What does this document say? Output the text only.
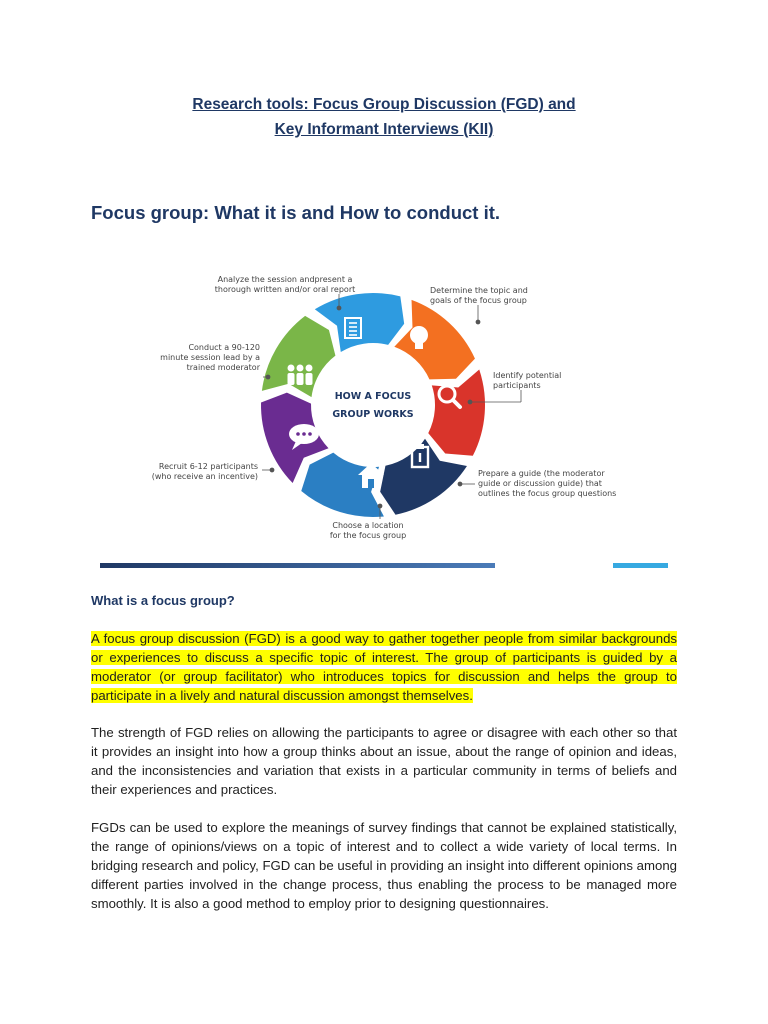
Research tools: Focus Group Discussion (FGD) and
Key Informant Interviews (KII)
Focus group: What it is and How to conduct it.
HOW A FOCUS
GROUP WORKS
Analyze the session andpresent a
thorough written and/or oral report	Determine the topic and
goals of the focus group
Identify potential
participants
Prepare a guide (the moderator
guide or discussion guide) that
outlines the focus group questions
Choose a location
for the focus group
Recruit 6-12 participants
(who receive an incentive)
Conduct a 90-120
minute session lead by a
trained moderator
What is a focus group?

A focus group discussion (FGD) is a good way to gather together people from similar backgrounds or experiences to discuss a specific topic of interest. The group of participants is guided by a moderator (or group facilitator) who introduces topics for discussion and helps the group to participate in a lively and natural discussion amongst themselves.

The strength of FGD relies on allowing the participants to agree or disagree with each other so that it provides an insight into how a group thinks about an issue, about the range of opinion and ideas, and the inconsistencies and variation that exists in a particular community in terms of beliefs and their experiences and practices.

FGDs can be used to explore the meanings of survey findings that cannot be explained statistically, the range of opinions/views on a topic of interest and to collect a wide variety of local terms. In bridging research and policy, FGD can be useful in providing an insight into different opinions among different parties involved in the change process, thus enabling the process to be managed more smoothly. It is also a good method to employ prior to designing questionnaires.
